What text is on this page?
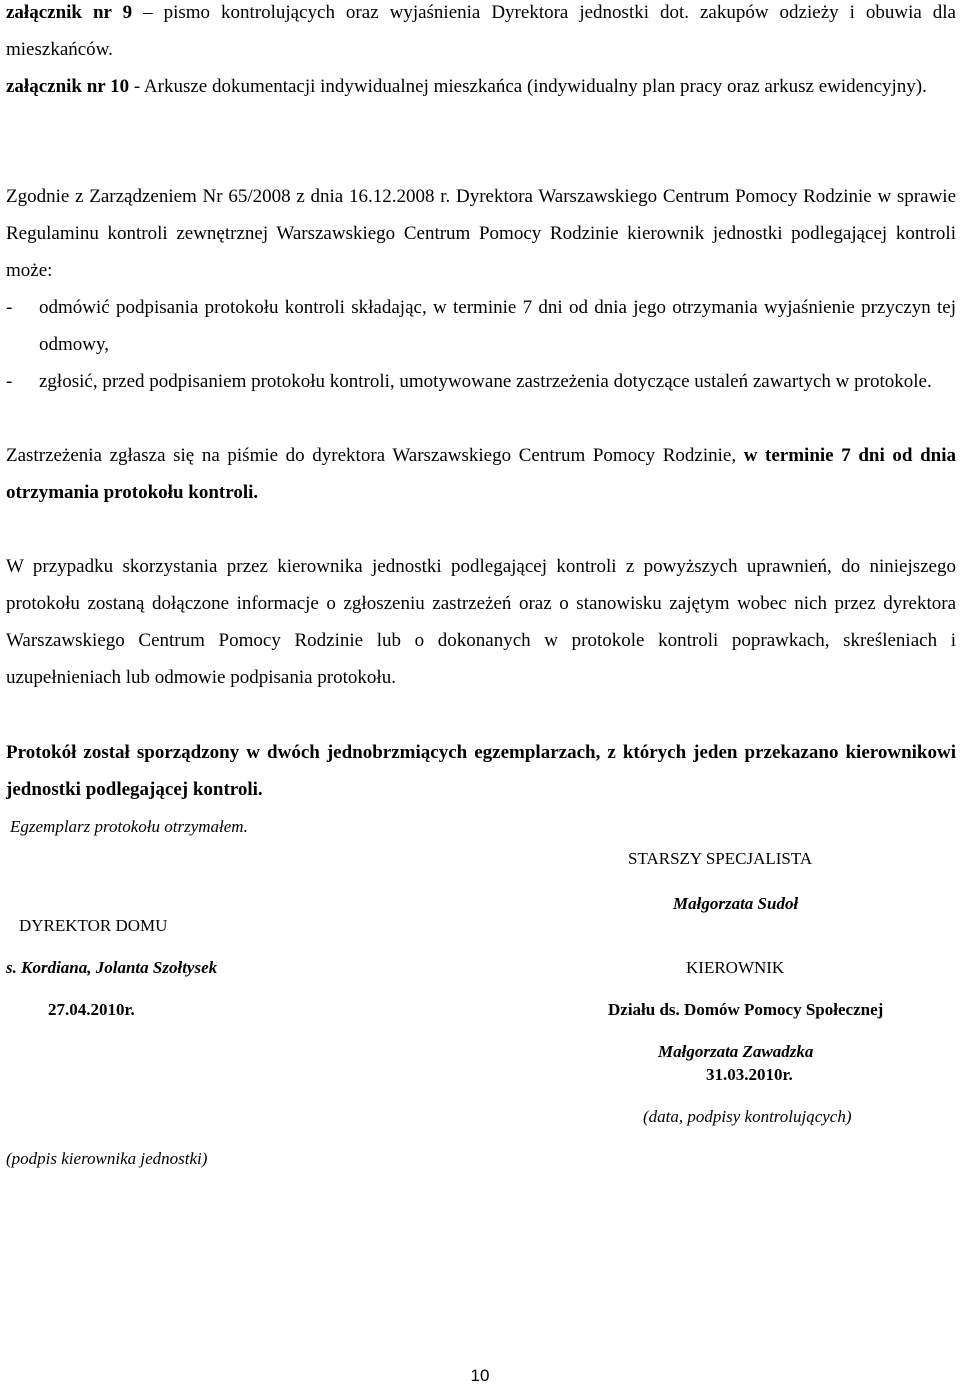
załącznik nr 9 – pismo kontrolujących oraz wyjaśnienia Dyrektora jednostki dot. zakupów odzieży i obuwia dla mieszkańców.

załącznik nr 10 - Arkusze dokumentacji indywidualnej mieszkańca (indywidualny plan pracy oraz arkusz ewidencyjny).

Zgodnie z Zarządzeniem Nr 65/2008 z dnia 16.12.2008 r. Dyrektora Warszawskiego Centrum Pomocy Rodzinie w sprawie Regulaminu kontroli zewnętrznej Warszawskiego Centrum Pomocy Rodzinie kierownik jednostki podlegającej kontroli może:

- odmówić podpisania protokołu kontroli składając, w terminie 7 dni od dnia jego otrzymania wyjaśnienie przyczyn tej odmowy,
- zgłosić, przed podpisaniem protokołu kontroli, umotywowane zastrzeżenia dotyczące ustaleń zawartych w protokole.

Zastrzeżenia zgłasza się na piśmie do dyrektora Warszawskiego Centrum Pomocy Rodzinie, w terminie 7 dni od dnia otrzymania protokołu kontroli.

W przypadku skorzystania przez kierownika jednostki podlegającej kontroli z powyższych uprawnień, do niniejszego protokołu zostaną dołączone informacje o zgłoszeniu zastrzeżeń oraz o stanowisku zajętym wobec nich przez dyrektora Warszawskiego Centrum Pomocy Rodzinie lub o dokonanych w protokole kontroli poprawkach, skreśleniach i uzupełnieniach lub odmowie podpisania protokołu.

Protokół został sporządzony w dwóch jednobrzmiących egzemplarzach, z których jeden przekazano kierownikowi jednostki podlegającej kontroli.

Egzemplarz protokołu otrzymałem.
STARSZY SPECJALISTA
Małgorzata Sudoł
DYREKTOR DOMU
s. Kordiana, Jolanta Szołtysek
27.04.2010r.
KIEROWNIK
Działu ds. Domów Pomocy Społecznej
Małgorzata Zawadzka
31.03.2010r.
(data, podpisy kontrolujących)
(podpis kierownika jednostki)
10
